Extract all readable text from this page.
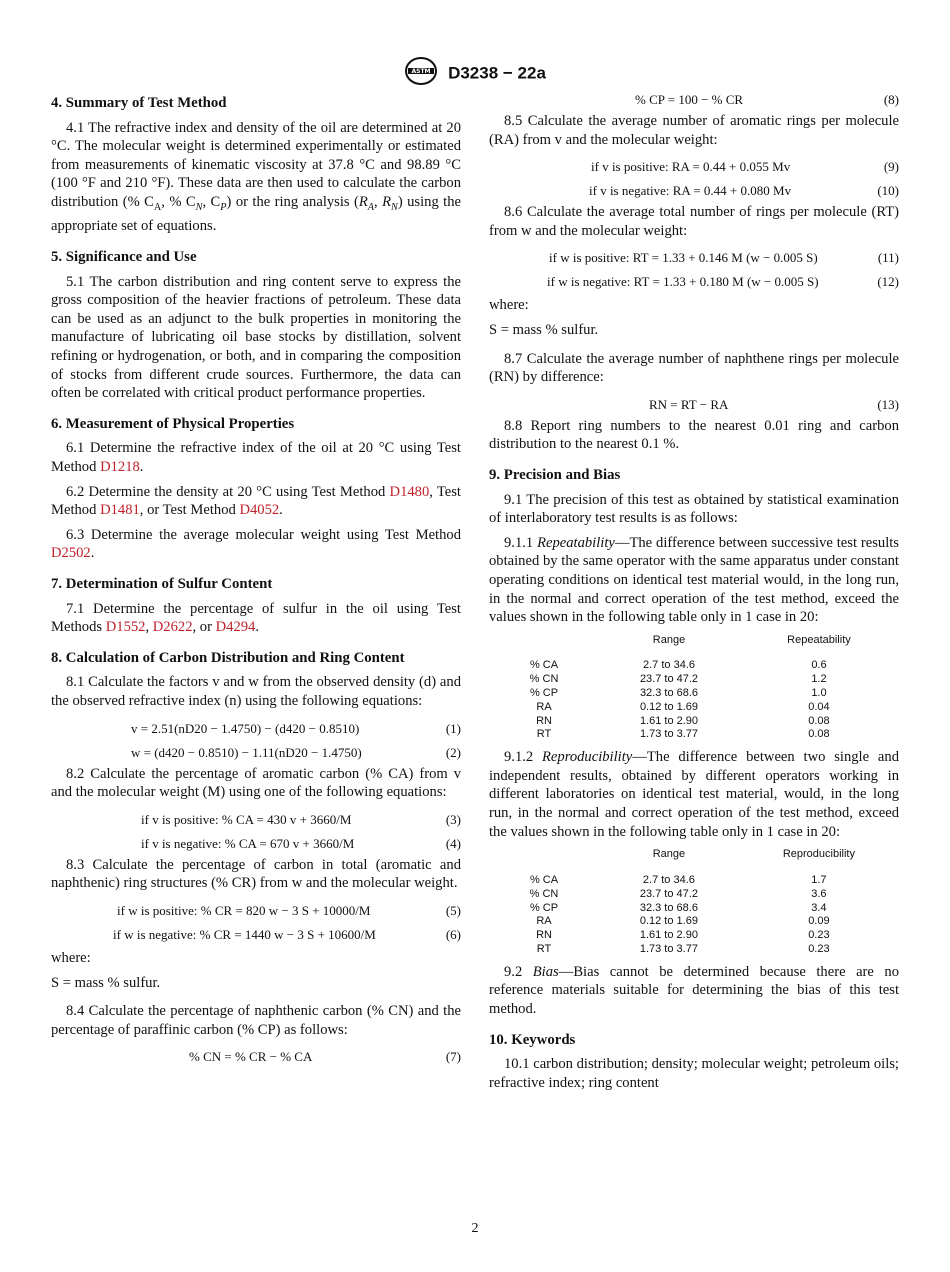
ASTM D3238 − 22a
4. Summary of Test Method

4.1 The refractive index and density of the oil are determined at 20 °C. The molecular weight is determined experimentally or estimated from measurements of kinematic viscosity at 37.8 °C and 98.89 °C (100 °F and 210 °F). These data are then used to calculate the carbon distribution (% $C_A$, % $C_N$, $C_P$) or the ring analysis ($R_A$, $R_N$) using the appropriate set of equations.

5. Significance and Use

5.1 The carbon distribution and ring content serve to express the gross composition of the heavier fractions of petroleum. These data can be used as an adjunct to the bulk properties in monitoring the manufacture of lubricating oil base stocks by distillation, solvent refining or hydrogenation, or both, and in comparing the composition of stocks from different crude sources. Furthermore, the data can often be correlated with critical product performance properties.

6. Measurement of Physical Properties

6.1 Determine the refractive index of the oil at 20 °C using Test Method D1218.

6.2 Determine the density at 20 °C using Test Method D1480, Test Method D1481, or Test Method D4052.

6.3 Determine the average molecular weight using Test Method D2502.

7. Determination of Sulfur Content

7.1 Determine the percentage of sulfur in the oil using Test Methods D1552, D2622, or D4294.

8. Calculation of Carbon Distribution and Ring Content

8.1 Calculate the factors v and w from the observed density (d) and the observed refractive index (n) using the following equations:

v = 2.51(nD20 − 1.4750) − (d420 − 0.8510)	(1)
w = (d420 − 0.8510) − 1.11(nD20 − 1.4750)	(2)

8.2 Calculate the percentage of aromatic carbon (% CA) from v and the molecular weight (M) using one of the following equations:

if v is positive: % CA = 430 v + 3660/M	(3)
if v is negative: % CA = 670 v + 3660/M	(4)

8.3 Calculate the percentage of carbon in total (aromatic and naphthenic) ring structures (% CR) from w and the molecular weight.

if w is positive: % CR = 820 w − 3 S + 10000/M	(5)
if w is negative: % CR = 1440 w − 3 S + 10600/M	(6)

where:

S = mass % sulfur.

8.4 Calculate the percentage of naphthenic carbon (% CN) and the percentage of paraffinic carbon (% CP) as follows:

% CN = % CR − % CA	(7)
% CP = 100 − % CR	(8)

8.5 Calculate the average number of aromatic rings per molecule (RA) from v and the molecular weight:

if v is positive: RA = 0.44 + 0.055 Mv	(9)
if v is negative: RA = 0.44 + 0.080 Mv	(10)

8.6 Calculate the average total number of rings per molecule (RT) from w and the molecular weight:

if w is positive: RT = 1.33 + 0.146 M (w − 0.005 S)	(11)
if w is negative: RT = 1.33 + 0.180 M (w − 0.005 S)	(12)

where:

S = mass % sulfur.

8.7 Calculate the average number of naphthene rings per molecule (RN) by difference:

RN = RT − RA	(13)

8.8 Report ring numbers to the nearest 0.01 ring and carbon distribution to the nearest 0.1 %.

9. Precision and Bias

9.1 The precision of this test as obtained by statistical examination of interlaboratory test results is as follows:

9.1.1 Repeatability—The difference between successive test results obtained by the same operator with the same apparatus under constant operating conditions on identical test material would, in the long run, in the normal and correct operation of the test method, exceed the values shown in the following table only in 1 case in 20:

	Range	Repeatability
% CA	2.7 to 34.6	0.6
% CN	23.7 to 47.2	1.2
% CP	32.3 to 68.6	1.0
RA	0.12 to 1.69	0.04
RN	1.61 to 2.90	0.08
RT	1.73 to 3.77	0.08

9.1.2 Reproducibility—The difference between two single and independent results, obtained by different operators working in different laboratories on identical test material, would, in the long run, in the normal and correct operation of the test method, exceed the values shown in the following table only in 1 case in 20:

	Range	Reproducibility
% CA	2.7 to 34.6	1.7
% CN	23.7 to 47.2	3.6
% CP	32.3 to 68.6	3.4
RA	0.12 to 1.69	0.09
RN	1.61 to 2.90	0.23
RT	1.73 to 3.77	0.23

9.2 Bias—Bias cannot be determined because there are no reference materials suitable for determining the bias of this test method.

10. Keywords

10.1 carbon distribution; density; molecular weight; petroleum oils; refractive index; ring content

2
